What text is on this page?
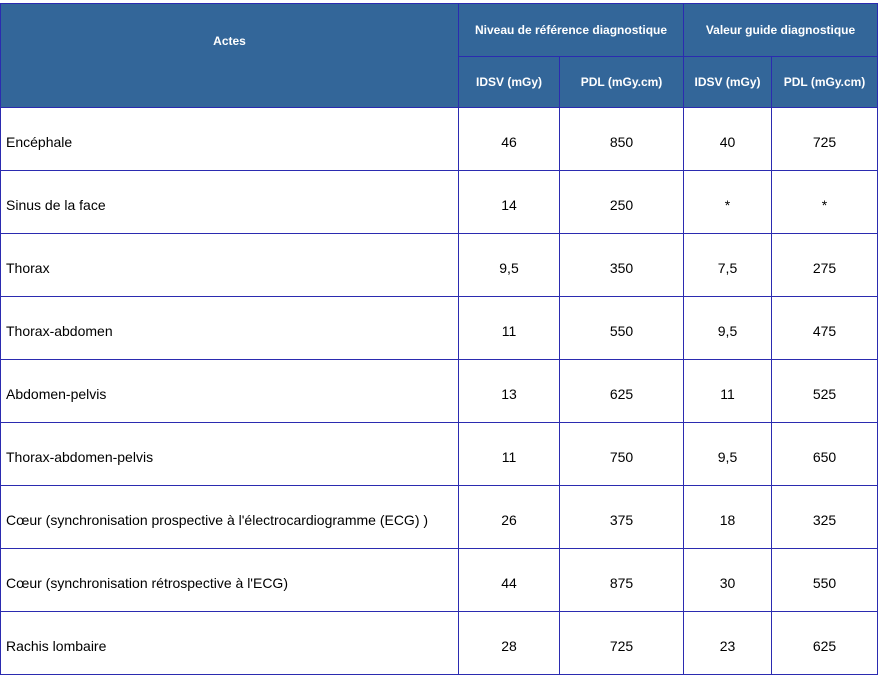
Actes	Niveau de référence diagnostique		Valeur guide diagnostique	
	IDSV (mGy)	PDL (mGy.cm)	IDSV (mGy)	PDL (mGy.cm)
Encéphale	46	850	40	725
Sinus de la face	14	250	*	*
Thorax	9,5	350	7,5	275
Thorax-abdomen	11	550	9,5	475
Abdomen-pelvis	13	625	11	525
Thorax-abdomen-pelvis	11	750	9,5	650
Cœur (synchronisation prospective à l'électrocardiogramme (ECG) )	26	375	18	325
Cœur (synchronisation rétrospective à l'ECG)	44	875	30	550
Rachis lombaire	28	725	23	625
